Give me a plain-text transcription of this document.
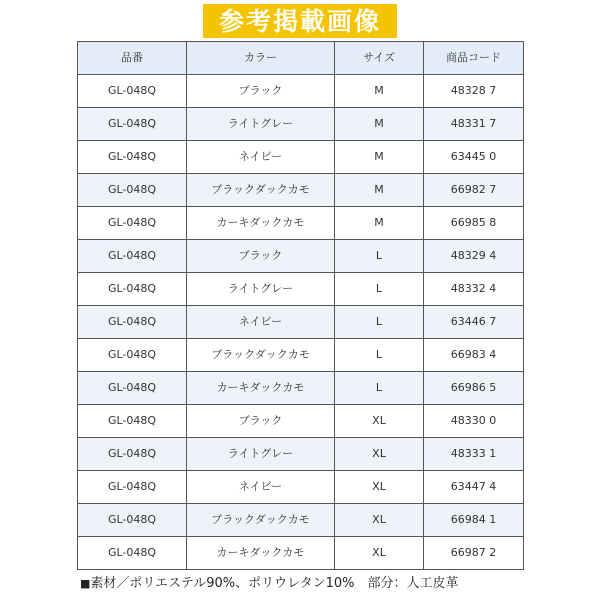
参考掲載画像
品番	カラー	サイズ	商品コード
GL-048Q	ブラック	M	48328 7
GL-048Q	ライトグレー	M	48331 7
GL-048Q	ネイビー	M	63445 0
GL-048Q	ブラックダックカモ	M	66982 7
GL-048Q	カーキダックカモ	M	66985 8
GL-048Q	ブラック	L	48329 4
GL-048Q	ライトグレー	L	48332 4
GL-048Q	ネイビー	L	63446 7
GL-048Q	ブラックダックカモ	L	66983 4
GL-048Q	カーキダックカモ	L	66986 5
GL-048Q	ブラック	XL	48330 0
GL-048Q	ライトグレー	XL	48333 1
GL-048Q	ネイビー	XL	63447 4
GL-048Q	ブラックダックカモ	XL	66984 1
GL-048Q	カーキダックカモ	XL	66987 2
■素材／ポリエステル90%、ポリウレタン10%　部分：人工皮革
